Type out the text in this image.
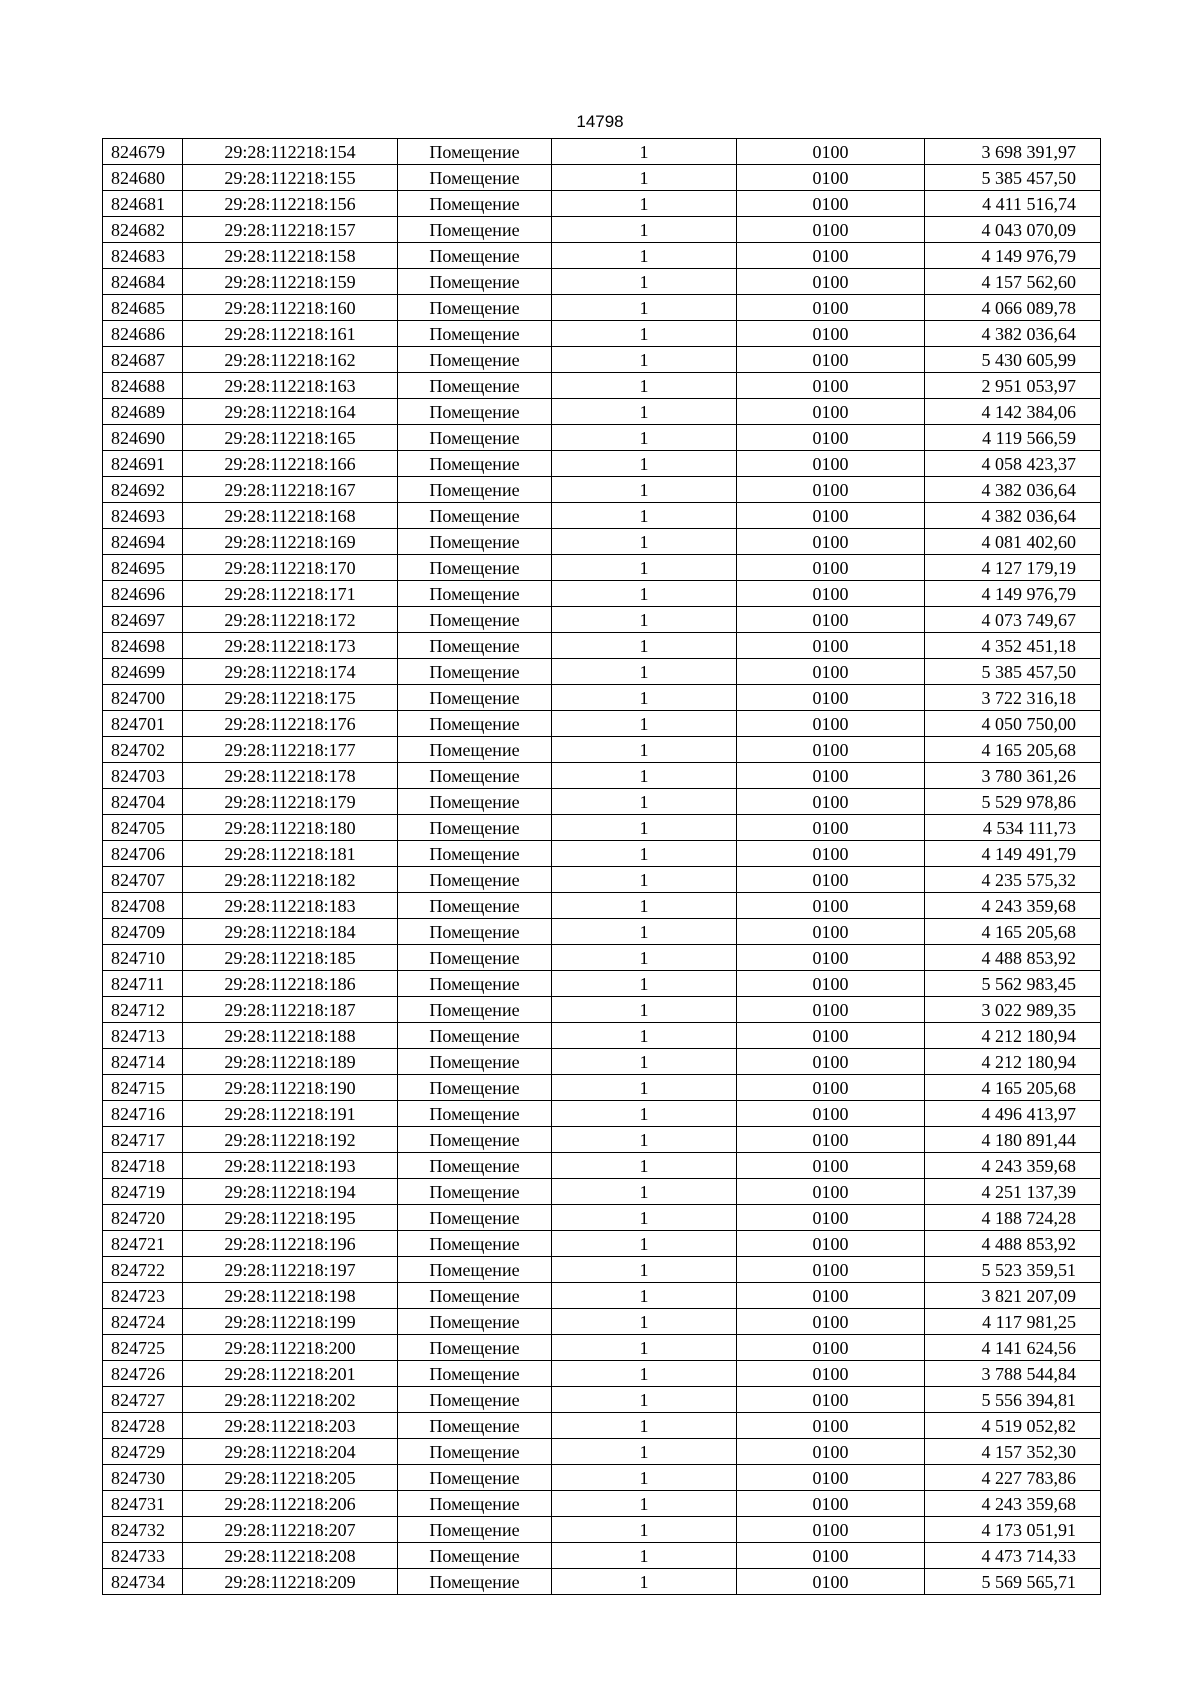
14798
824679	29:28:112218:154	Помещение	1	0100	3 698 391,97
824680	29:28:112218:155	Помещение	1	0100	5 385 457,50
824681	29:28:112218:156	Помещение	1	0100	4 411 516,74
824682	29:28:112218:157	Помещение	1	0100	4 043 070,09
824683	29:28:112218:158	Помещение	1	0100	4 149 976,79
824684	29:28:112218:159	Помещение	1	0100	4 157 562,60
824685	29:28:112218:160	Помещение	1	0100	4 066 089,78
824686	29:28:112218:161	Помещение	1	0100	4 382 036,64
824687	29:28:112218:162	Помещение	1	0100	5 430 605,99
824688	29:28:112218:163	Помещение	1	0100	2 951 053,97
824689	29:28:112218:164	Помещение	1	0100	4 142 384,06
824690	29:28:112218:165	Помещение	1	0100	4 119 566,59
824691	29:28:112218:166	Помещение	1	0100	4 058 423,37
824692	29:28:112218:167	Помещение	1	0100	4 382 036,64
824693	29:28:112218:168	Помещение	1	0100	4 382 036,64
824694	29:28:112218:169	Помещение	1	0100	4 081 402,60
824695	29:28:112218:170	Помещение	1	0100	4 127 179,19
824696	29:28:112218:171	Помещение	1	0100	4 149 976,79
824697	29:28:112218:172	Помещение	1	0100	4 073 749,67
824698	29:28:112218:173	Помещение	1	0100	4 352 451,18
824699	29:28:112218:174	Помещение	1	0100	5 385 457,50
824700	29:28:112218:175	Помещение	1	0100	3 722 316,18
824701	29:28:112218:176	Помещение	1	0100	4 050 750,00
824702	29:28:112218:177	Помещение	1	0100	4 165 205,68
824703	29:28:112218:178	Помещение	1	0100	3 780 361,26
824704	29:28:112218:179	Помещение	1	0100	5 529 978,86
824705	29:28:112218:180	Помещение	1	0100	4 534 111,73
824706	29:28:112218:181	Помещение	1	0100	4 149 491,79
824707	29:28:112218:182	Помещение	1	0100	4 235 575,32
824708	29:28:112218:183	Помещение	1	0100	4 243 359,68
824709	29:28:112218:184	Помещение	1	0100	4 165 205,68
824710	29:28:112218:185	Помещение	1	0100	4 488 853,92
824711	29:28:112218:186	Помещение	1	0100	5 562 983,45
824712	29:28:112218:187	Помещение	1	0100	3 022 989,35
824713	29:28:112218:188	Помещение	1	0100	4 212 180,94
824714	29:28:112218:189	Помещение	1	0100	4 212 180,94
824715	29:28:112218:190	Помещение	1	0100	4 165 205,68
824716	29:28:112218:191	Помещение	1	0100	4 496 413,97
824717	29:28:112218:192	Помещение	1	0100	4 180 891,44
824718	29:28:112218:193	Помещение	1	0100	4 243 359,68
824719	29:28:112218:194	Помещение	1	0100	4 251 137,39
824720	29:28:112218:195	Помещение	1	0100	4 188 724,28
824721	29:28:112218:196	Помещение	1	0100	4 488 853,92
824722	29:28:112218:197	Помещение	1	0100	5 523 359,51
824723	29:28:112218:198	Помещение	1	0100	3 821 207,09
824724	29:28:112218:199	Помещение	1	0100	4 117 981,25
824725	29:28:112218:200	Помещение	1	0100	4 141 624,56
824726	29:28:112218:201	Помещение	1	0100	3 788 544,84
824727	29:28:112218:202	Помещение	1	0100	5 556 394,81
824728	29:28:112218:203	Помещение	1	0100	4 519 052,82
824729	29:28:112218:204	Помещение	1	0100	4 157 352,30
824730	29:28:112218:205	Помещение	1	0100	4 227 783,86
824731	29:28:112218:206	Помещение	1	0100	4 243 359,68
824732	29:28:112218:207	Помещение	1	0100	4 173 051,91
824733	29:28:112218:208	Помещение	1	0100	4 473 714,33
824734	29:28:112218:209	Помещение	1	0100	5 569 565,71
